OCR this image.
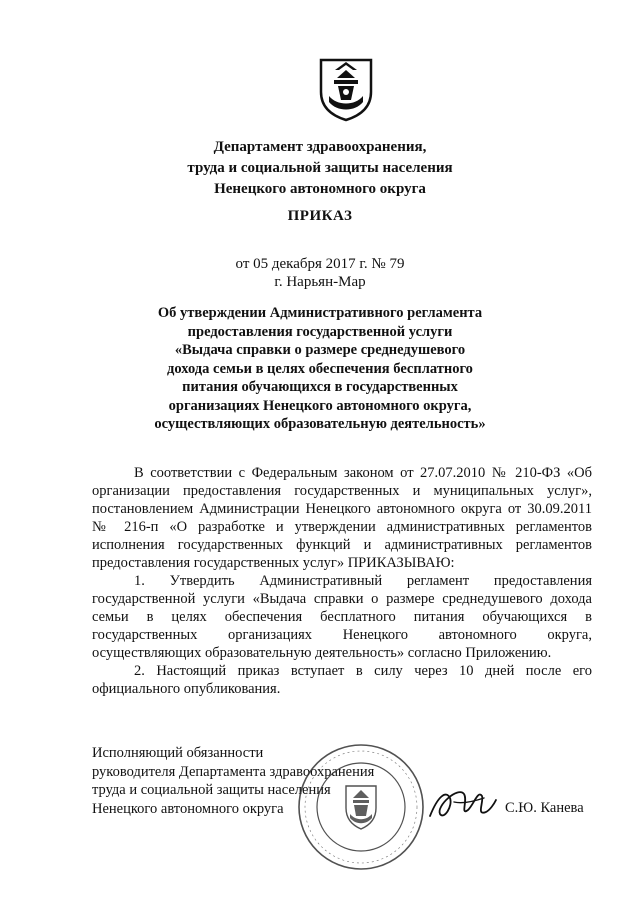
Департамент здравоохранения,
труда и социальной защиты населения
Ненецкого автономного округа
ПРИКАЗ
от 05 декабря 2017 г. № 79
г. Нарьян-Мар
Об утверждении Административного регламента
предоставления государственной услуги
«Выдача справки о размере среднедушевого
дохода семьи в целях обеспечения бесплатного
питания обучающихся в государственных
организациях Ненецкого автономного округа,
осуществляющих образовательную деятельность»

В соответствии с Федеральным законом от 27.07.2010 № 210-ФЗ «Об организации предоставления государственных и муниципальных услуг», постановлением Администрации Ненецкого автономного округа от 30.09.2011 № 216-п «О разработке и утверждении административных регламентов исполнения государственных функций и административных регламентов предоставления государственных услуг» ПРИКАЗЫВАЮ:

1. Утвердить Административный регламент предоставления государственной услуги «Выдача справки о размере среднедушевого дохода семьи в целях обеспечения бесплатного питания обучающихся в государственных организациях Ненецкого автономного округа, осуществляющих образовательную деятельность» согласно Приложению.

2. Настоящий приказ вступает в силу через 10 дней после его официального опубликования.

Исполняющий обязанности
руководителя Департамента здравоохранения
труда и социальной защиты населения
Ненецкого автономного округа	С.Ю. Канева
